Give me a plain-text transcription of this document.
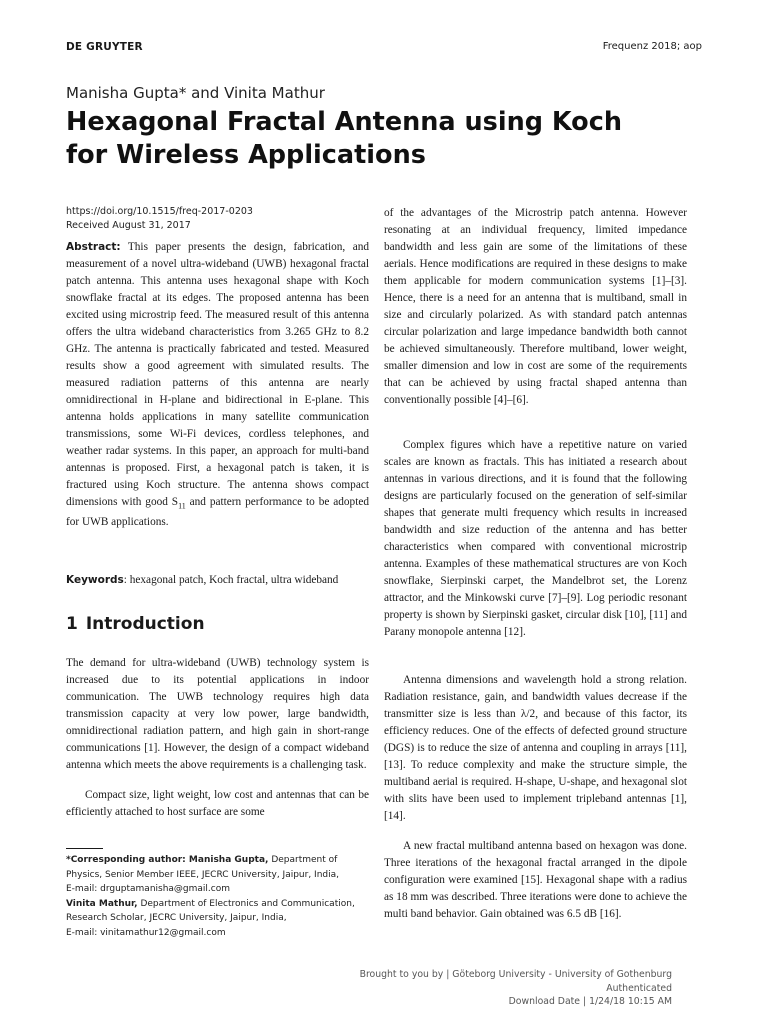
DE GRUYTER	Frequenz 2018; aop
Manisha Gupta* and Vinita Mathur
Hexagonal Fractal Antenna using Koch for Wireless Applications
https://doi.org/10.1515/freq-2017-0203
Received August 31, 2017
Abstract: This paper presents the design, fabrication, and measurement of a novel ultra-wideband (UWB) hexagonal fractal patch antenna. This antenna uses hexagonal shape with Koch snowflake fractal at its edges. The proposed antenna has been excited using microstrip feed. The measured result of this antenna offers the ultra wideband characteristics from 3.265 GHz to 8.2 GHz. The antenna is practically fabricated and tested. Measured results show a good agreement with simulated results. The measured radiation patterns of this antenna are nearly omnidirectional in H-plane and bidirectional in E-plane. This antenna holds applications in many satellite communication transmissions, some Wi-Fi devices, cordless telephones, and weather radar systems. In this paper, an approach for multi-band antennas is proposed. First, a hexagonal patch is taken, it is fractured using Koch structure. The antenna shows compact dimensions with good $S_{11}$ and pattern performance to be adopted for UWB applications.
Keywords: hexagonal patch, Koch fractal, ultra wideband
1 Introduction
The demand for ultra-wideband (UWB) technology system is increased due to its potential applications in indoor communication. The UWB technology requires high data transmission capacity at very low power, large bandwidth, omnidirectional radiation pattern, and high gain in short-range communications [1]. However, the design of a compact wideband antenna which meets the above requirements is a challenging task.
Compact size, light weight, low cost and antennas that can be efficiently attached to host surface are some
*Corresponding author: Manisha Gupta, Department of Physics, Senior Member IEEE, JECRC University, Jaipur, India,
E-mail: drguptamanisha@gmail.com
Vinita Mathur, Department of Electronics and Communication, Research Scholar, JECRC University, Jaipur, India,
E-mail: vinitamathur12@gmail.com
of the advantages of the Microstrip patch antenna. However resonating at an individual frequency, limited impedance bandwidth and less gain are some of the limitations of these aerials. Hence modifications are required in these designs to make them applicable for modern communication systems [1]–[3]. Hence, there is a need for an antenna that is multiband, small in size and circularly polarized. As with standard patch antennas circular polarization and large impedance bandwidth both cannot be achieved simultaneously. Therefore multiband, lower weight, smaller dimension and low in cost are some of the requirements that can be achieved by using fractal shaped antenna than conventionally possible [4]–[6].
Complex figures which have a repetitive nature on varied scales are known as fractals. This has initiated a research about antennas in various directions, and it is found that the following designs are particularly focused on the generation of self-similar shapes that generate multi frequency which results in increased bandwidth and size reduction of the antenna and has better characteristics when compared with conventional microstrip antenna. Examples of these mathematical structures are von Koch snowflake, Sierpinski carpet, the Mandelbrot set, the Lorenz attractor, and the Minkowski curve [7]–[9]. Log periodic resonant property is shown by Sierpinski gasket, circular disk [10], [11] and Parany monopole antenna [12].
Antenna dimensions and wavelength hold a strong relation. Radiation resistance, gain, and bandwidth values decrease if the transmitter size is less than λ/2, and because of this factor, its efficiency reduces. One of the effects of defected ground structure (DGS) is to reduce the size of antenna and coupling in arrays [11], [13]. To reduce complexity and make the structure simple, the multiband aerial is required. H-shape, U-shape, and hexagonal slot with slits have been used to implement tripleband antennas [1], [14].
A new fractal multiband antenna based on hexagon was done. Three iterations of the hexagonal fractal arranged in the dipole configuration were examined [15]. Hexagonal shape with a radius as 18 mm was described. Three iterations were done to achieve the multi band behavior. Gain obtained was 6.5 dB [16].
Brought to you by | Göteborg University - University of Gothenburg
Authenticated
Download Date | 1/24/18 10:15 AM
